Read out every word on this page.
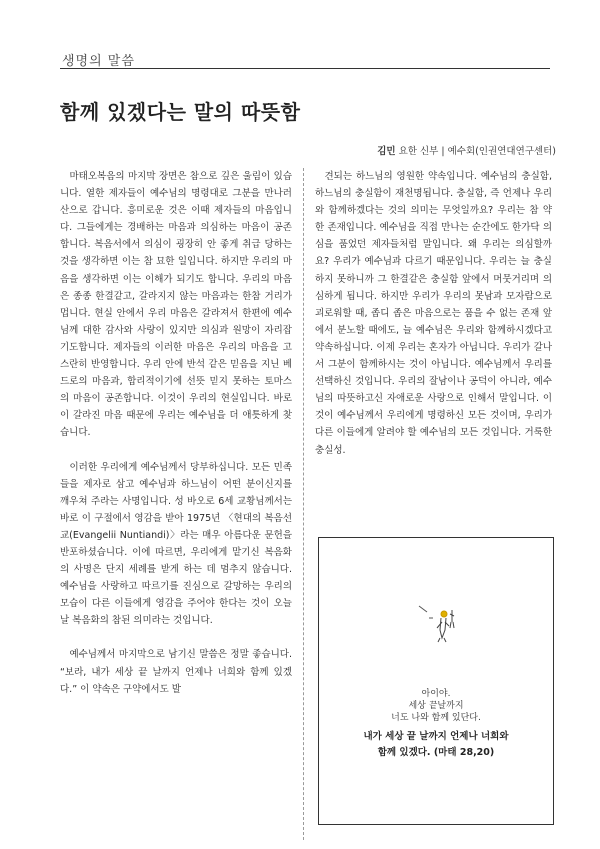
생명의 말씀
함께 있겠다는 말의 따뜻함
김민 요한 신부 | 예수회(인권연대연구센터)

마태오복음의 마지막 장면은 참으로 깊은 울림이 있습니다. 열한 제자들이 예수님의 명령대로 그분을 만나러 산으로 갑니다. 흥미로운 것은 이때 제자들의 마음입니다. 그들에게는 경배하는 마음과 의심하는 마음이 공존합니다. 복음서에서 의심이 굉장히 안 좋게 취급 당하는 것을 생각하면 이는 참 묘한 일입니다. 하지만 우리의 마음을 생각하면 이는 이해가 되기도 합니다. 우리의 마음은 종종 한결같고, 갈라지지 않는 마음과는 한참 거리가 멉니다. 현실 안에서 우리 마음은 갈라져서 한편에 예수님께 대한 감사와 사랑이 있지만 의심과 원망이 자리잡기도합니다. 제자들의 이러한 마음은 우리의 마음을 고스란히 반영합니다. 우리 안에 반석 같은 믿음을 지닌 베드로의 마음과, 합리적이기에 선뜻 믿지 못하는 토마스의 마음이 공존합니다. 이것이 우리의 현실입니다. 바로 이 갈라진 마음 때문에 우리는 예수님을 더 애틋하게 찾습니다.

이러한 우리에게 예수님께서 당부하십니다. 모든 민족들을 제자로 삼고 예수님과 하느님이 어떤 분이신지를 깨우쳐 주라는 사명입니다. 성 바오로 6세 교황님께서는 바로 이 구절에서 영감을 받아 1975년 〈현대의 복음선교(Evangelii Nuntiandi)〉라는 매우 아름다운 문헌을 반포하셨습니다. 이에 따르면, 우리에게 맡기신 복음화의 사명은 단지 세례를 받게 하는 데 멈추지 않습니다. 예수님을 사랑하고 따르기를 진심으로 갈망하는 우리의 모습이 다른 이들에게 영감을 주어야 한다는 것이 오늘날 복음화의 참된 의미라는 것입니다.

예수님께서 마지막으로 남기신 말씀은 정말 좋습니다. “보라, 내가 세상 끝 날까지 언제나 너희와 함께 있겠다.” 이 약속은 구약에서도 발

견되는 하느님의 영원한 약속입니다. 예수님의 충실함, 하느님의 충실함이 재천명됩니다. 충실함, 즉 언제나 우리와 함께하겠다는 것의 의미는 무엇일까요? 우리는 참 약한 존재입니다. 예수님을 직접 만나는 순간에도 한가닥 의심을 품었던 제자들처럼 말입니다. 왜 우리는 의심할까요? 우리가 예수님과 다르기 때문입니다. 우리는 늘 충실하지 못하니까 그 한결같은 충실함 앞에서 머뭇거리며 의심하게 됩니다. 하지만 우리가 우리의 못남과 모자람으로 괴로워할 때, 좁디 좁은 마음으로는 품을 수 없는 존재 앞에서 분노할 때에도, 늘 예수님은 우리와 함께하시겠다고 약속하십니다. 이제 우리는 혼자가 아닙니다. 우리가 갈나서 그분이 함께하시는 것이 아닙니다. 예수님께서 우리를 선택하신 것입니다. 우리의 잘남이나 공덕이 아니라, 예수님의 따뜻하고신 자애로운 사랑으로 인해서 말입니다. 이것이 예수님께서 우리에게 명령하신 모든 것이며, 우리가 다른 이들에게 알려야 할 예수님의 모든 것입니다. 거룩한 충실성.

아이야.
세상 끝날까지
너도 나와 함께 있단다.
내가 세상 끝 날까지 언제나 너희와
함께 있겠다. (마태 28,20)
